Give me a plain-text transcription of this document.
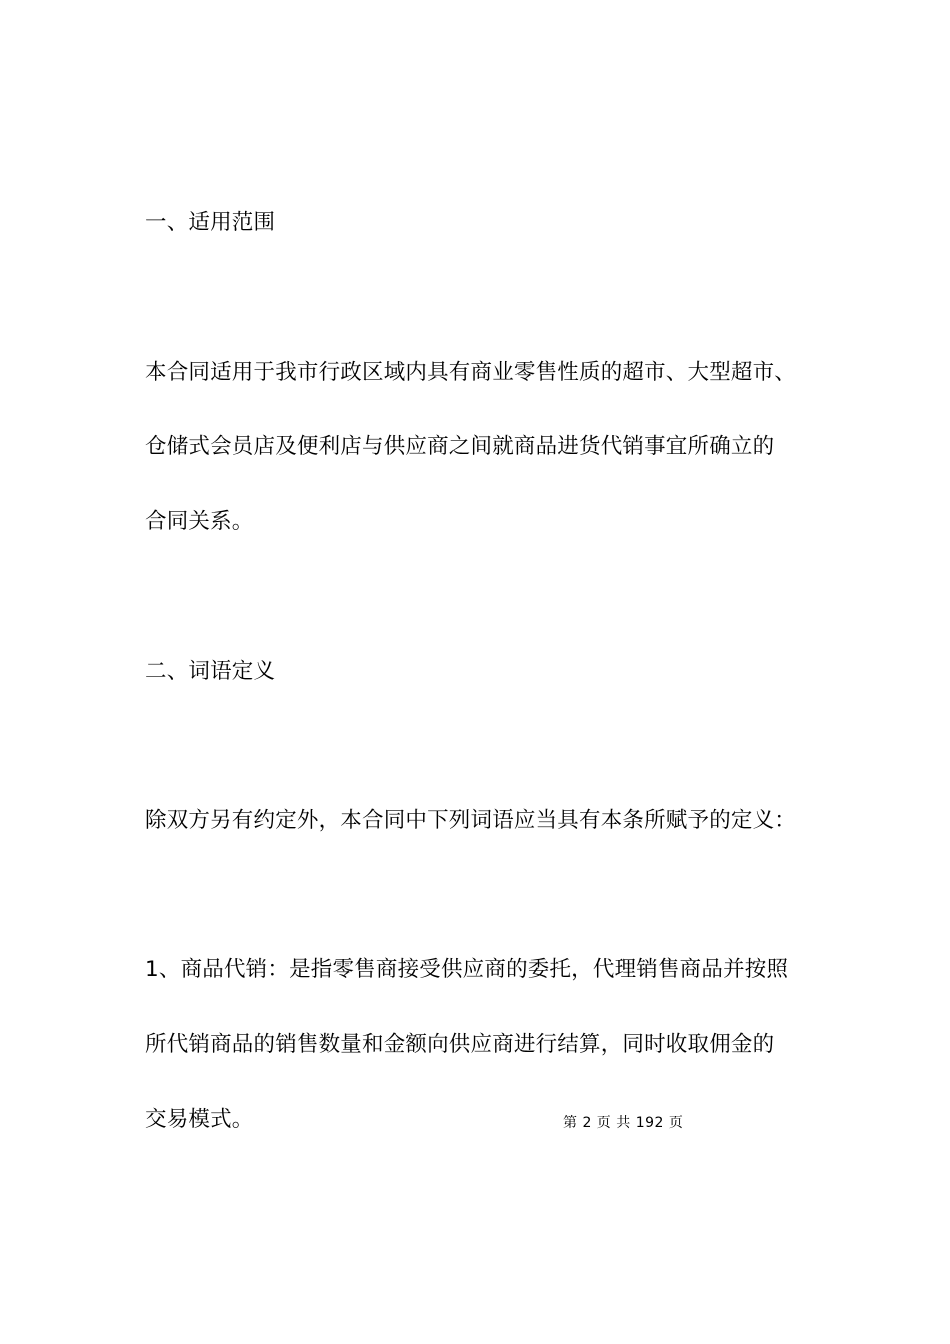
一、适用范围
本合同适用于我市行政区域内具有商业零售性质的超市、大型超市、
仓储式会员店及便利店与供应商之间就商品进货代销事宜所确立的
合同关系。
二、词语定义
除双方另有约定外，本合同中下列词语应当具有本条所赋予的定义：
1、商品代销：是指零售商接受供应商的委托，代理销售商品并按照
所代销商品的销售数量和金额向供应商进行结算，同时收取佣金的
交易模式。	第 2 页 共 192 页
